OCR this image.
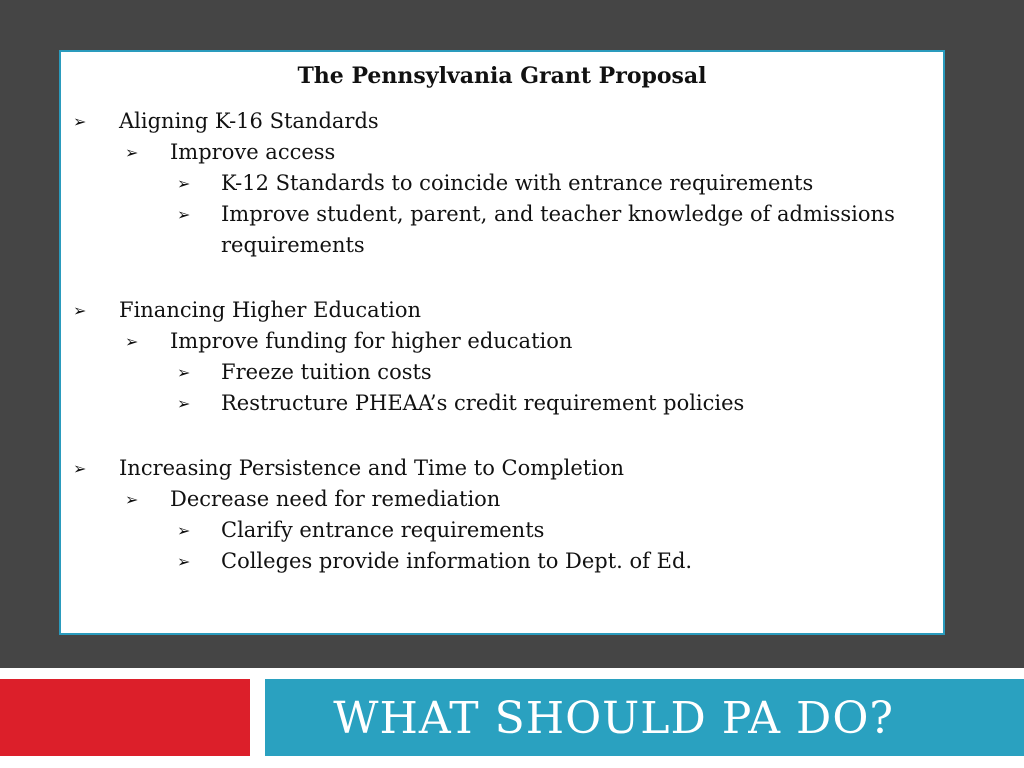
The Pennsylvania Grant Proposal
➢ Aligning K-16 Standards
➢ Improve access
➢ K-12 Standards to coincide with entrance requirements
➢ Improve student, parent, and teacher knowledge of admissions requirements
➢ Financing Higher Education
➢ Improve funding for higher education
➢ Freeze tuition costs
➢ Restructure PHEAA’s credit requirement policies
➢ Increasing Persistence and Time to Completion
➢ Decrease need for remediation
➢ Clarify entrance requirements
➢ Colleges provide information to Dept. of Ed.
WHAT SHOULD PA DO?
